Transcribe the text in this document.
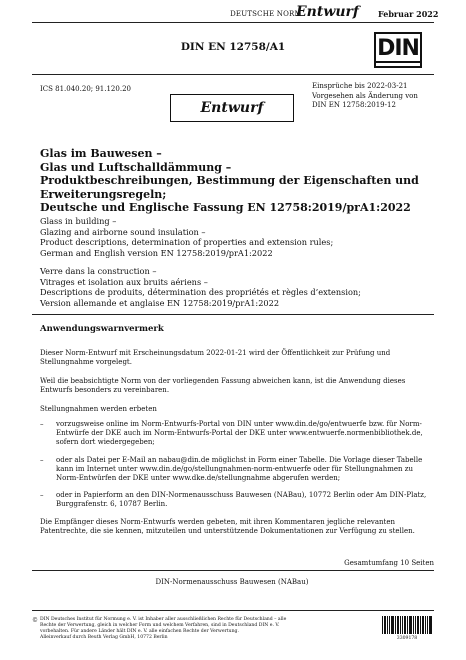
DEUTSCHE NORM
Entwurf Februar 2022
DIN EN 12758/A1	DIN
ICS 81.040.20; 91.120.20	Einsprüche bis 2022-03-21
Vorgesehen als Änderung von
DIN EN 12758:2019-12
Entwurf
Glas im Bauwesen –
Glas und Luftschalldämmung –
Produktbeschreibungen, Bestimmung der Eigenschaften und
Erweiterungsregeln;
Deutsche und Englische Fassung EN 12758:2019/prA1:2022
Glass in building –
Glazing and airborne sound insulation –
Product descriptions, determination of properties and extension rules;
German and English version EN 12758:2019/prA1:2022
Verre dans la construction –
Vitrages et isolation aux bruits aériens –
Descriptions de produits, détermination des propriétés et règles d’extension;
Version allemande et anglaise EN 12758:2019/prA1:2022
Anwendungswarnvermerk
Dieser Norm-Entwurf mit Erscheinungsdatum 2022-01-21 wird der Öffentlichkeit zur Prüfung und Stellungnahme vorgelegt.
Weil die beabsichtigte Norm von der vorliegenden Fassung abweichen kann, ist die Anwendung dieses Entwurfs besonders zu vereinbaren.
Stellungnahmen werden erbeten
– vorzugsweise online im Norm-Entwurfs-Portal von DIN unter www.din.de/go/entwuerfe bzw. für Norm-Entwürfe der DKE auch im Norm-Entwurfs-Portal der DKE unter www.entwuerfe.normenbibliothek.de, sofern dort wiedergegeben;
– oder als Datei per E-Mail an nabau@din.de möglichst in Form einer Tabelle. Die Vorlage dieser Tabelle kann im Internet unter www.din.de/go/stellungnahmen-norm-entwuerfe oder für Stellungnahmen zu Norm-Entwürfen der DKE unter www.dke.de/stellungnahme abgerufen werden;
– oder in Papierform an den DIN-Normenausschuss Bauwesen (NABau), 10772 Berlin oder Am DIN-Platz, Burggrafenstr. 6, 10787 Berlin.
Die Empfänger dieses Norm-Entwurfs werden gebeten, mit ihren Kommentaren jegliche relevanten Patentrechte, die sie kennen, mitzuteilen und unterstützende Dokumentationen zur Verfügung zu stellen.
Gesamtumfang 10 Seiten
DIN-Normenausschuss Bauwesen (NABau)
© DIN Deutsches Institut für Normung e. V. ist Inhaber aller ausschließlichen Rechte für Deutschland – alle
Rechte der Verwertung, gleich in welcher Form und welchem Verfahren, sind in Deutschland DIN e. V.
vorbehalten. Für andere Länder hält DIN e. V. alle einfachen Rechte der Verwertung.
Alleinverkauf durch Beuth Verlag GmbH, 10772 Berlin	3309178
